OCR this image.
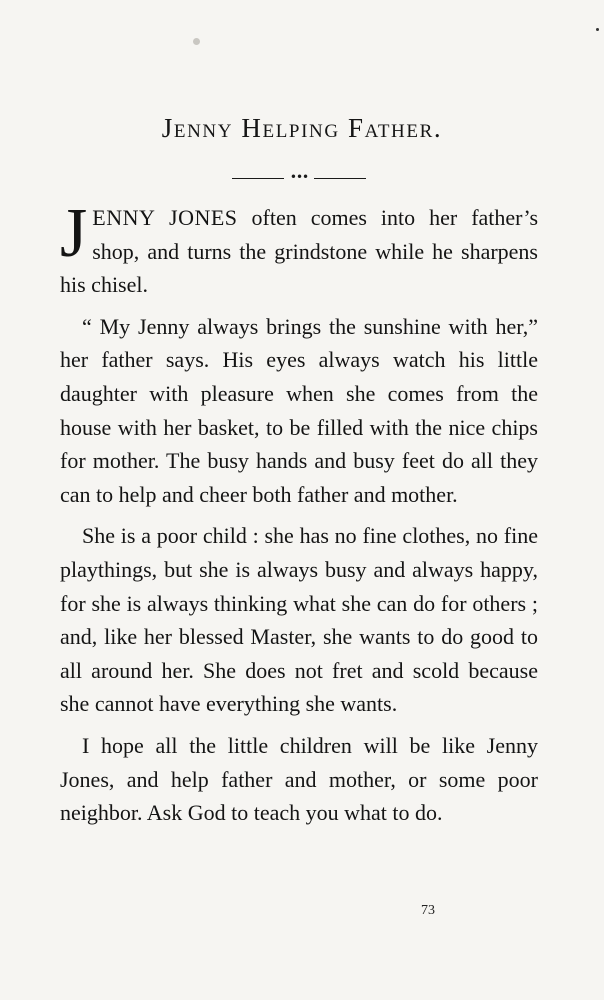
Jenny Helping Father.
•••

JENNY JONES often comes into her father’s shop, and turns the grindstone while he sharpens his chisel.

“ My Jenny always brings the sunshine with her,” her father says. His eyes always watch his little daughter with pleasure when she comes from the house with her basket, to be filled with the nice chips for mother. The busy hands and busy feet do all they can to help and cheer both father and mother.

She is a poor child : she has no fine clothes, no fine playthings, but she is always busy and always happy, for she is always thinking what she can do for others ; and, like her blessed Master, she wants to do good to all around her. She does not fret and scold because she cannot have everything she wants.

I hope all the little children will be like Jenny Jones, and help father and mother, or some poor neighbor. Ask God to teach you what to do.

73
